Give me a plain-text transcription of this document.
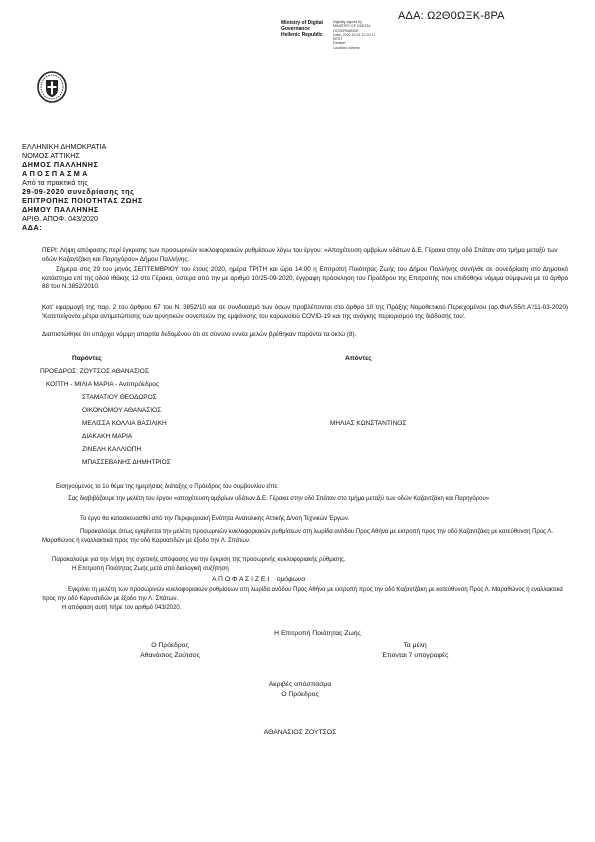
ΑΔΑ: Ω2Θ0ΩΞΚ-8ΡΑ
Ministry of Digital
Governance
Hellenic Republic
Digitally signed by
MINISTRY OF DIGITAL
GOVERNANCE
Date: 2020.10.01 12:22:17
EEST
Reason:
Location: Athens
ΕΛΛΗΝΙΚΗ ΔΗΜΟΚΡΑΤΙΑ
ΝΟΜΟΣ ΑΤΤΙΚΗΣ
ΔΗΜΟΣ ΠΑΛΛΗΝΗΣ
ΑΠΟΣΠΑΣΜΑ
Από τα πρακτικά της
29-09-2020 συνεδρίασης της
ΕΠΙΤΡΟΠΗΣ ΠΟΙΟΤΗΤΑΣ ΖΩΗΣ
ΔΗΜΟΥ ΠΑΛΛΗΝΗΣ
ΑΡΙΘ. ΑΠΟΦ. 043/2020
ΑΔΑ:
ΠΕΡΙ: Λήψη απόφασης περί έγκρισης των προσωρινών κυκλοφοριακών ρυθμίσεων λόγω του έργου: «Αποχέτευση ομβρίων υδάτων Δ.Ε. Γέρακα στην οδό Σπάταν στο τμήμα μεταξύ των οδών Καζαντζάκη και Παρηγόρου» Δήμου Παλλήνης.
Σήμερα στις 29 του μηνός ΣΕΠΤΕΜΒΡΙΟΥ του έτους 2020, ημέρα ΤΡΙΤΗ και ώρα 14:00 η Επιτροπή Ποιότητας Ζωής του Δήμου Παλλήνης συνήλθε σε συνεδρίαση στο Δημοτικό κατάστημα επί της οδού Ιθάκης 12 στο Γέρακα, ύστερα από την με αριθμό 10/25-09-2020, έγγραφη πρόσκληση του Προέδρου της Επιτροπής που επιδόθηκε νόμιμα σύμφωνα με το άρθρο 88 του Ν.3852/2010.
Κατ' εφαρμογή της παρ. 2 του άρθρου 67 του Ν. 3852/10 και σε συνδυασμό των όσων προβλέπονται στο άρθρο 10 της Πράξης Νομοθετικού Περιεχομένου (αρ.ΦυΛ.55/τ.Α'/11-03-2020) 'Κατεπείγοντα μέτρα αντιμετώπισης των αρνητικών συνεπειών της εμφάνισης του κορωνοϊού COVID-19 και της ανάγκης περιορισμού της διάδοσής του'.
Διαπιστώθηκε ότι υπάρχει νόμιμη απαρτία δεδομένου ότι σε σύνολο εννέα μελών βρέθηκαν παρόντα τα οκτώ (8).
Παρόντες	Απόντες
ΠΡΟΕΔΡΟΣ: ΖΟΥΤΣΟΣ ΑΘΑΝΑΣΙΟΣ
ΚΟΠΤΗ - ΜΙΛΙΑ ΜΑΡΙΑ - Αντιπρόεδρος
ΣΤΑΜΑΤΙΟΥ ΘΕΟΔΩΡΟΣ
ΟΙΚΟΝΟΜΟΥ ΑΘΑΝΑΣΙΟΣ
ΜΕΛΙΣΣΑ ΚΟΛΛΙΑ ΒΑΣΙΛΙΚΗ
ΔΙΑΚΑΚΗ ΜΑΡΙΑ
ΖΙΝΕΛΗ ΚΑΛΛΙΟΠΗ
ΜΠΑΣΣΕΒΑΝΗΣ ΔΗΜΗΤΡΙΟΣ
ΜΗΛΙΑΣ ΚΩΝΣΤΑΝΤΙΝΟΣ
Εισηγούμενος το 1ο θέμα της ημερήσιας διάταξης ο Πρόεδρος του συμβουλίου είπε:
Σας διαβιβάζουμε την μελέτη του έργου «αποχέτευση ομβρίων υδάτων Δ.Ε. Γέρακα στην οδό Σπάταν στο τμήμα μεταξύ των οδών Καζαντζάκη και Παρηγόρου»
Το έργο θα κατασκευασθεί από την Περιφερειακή Ενότητα Ανατολικής Αττικής Δ/νση Τεχνικών Έργων.
Παρακαλούμε όπως εγκρίνεται την μελέτη προσωρινών κυκλοφοριακών ρυθμίσεων στη λωρίδα ανόδου Προς Αθήνα με εκτροπή προς την οδό Καζαντζάκη με κατεύθυνση Προς Λ. Μαραθώνος ή εναλλακτικά προς την οδό Καρυατιδών με έξοδο την Λ. Σπάτων.
Παρακαλούμε για την λήψη της σχετικής απόφασης για την έγκριση της προσωρινής κυκλοφοριακής ρύθμισης.
Η Επιτροπή Ποιότητας Ζωής μετά από διαλογική συζήτηση
Α Π Ο Φ Α Σ Ι Ζ Ε Ι ομόφωνα
Εγκρίνει τη μελέτη των προσωρινών κυκλοφοριακών ρυθμίσεων στη λωρίδα ανόδου Προς Αθήνα με εκτροπή προς την οδό Καζαντζάκη με κατεύθυνση Προς Λ. Μαραθώνος ή εναλλακτικά προς την οδό Καρυατιδών με έξοδο την Λ. Σπάτων.
Η απόφαση αυτή πήρε τον αριθμό 043/2020.
Η Επιτροπή Ποιότητας Ζωής
Ο Πρόεδρος
Αθανάσιος Ζούτσος
Τα μέλη
Έπονται 7 υπογραφές
Ακριβές απόσπασμα
Ο Πρόεδρος
ΑΘΑΝΑΣΙΟΣ ΖΟΥΤΣΟΣ
